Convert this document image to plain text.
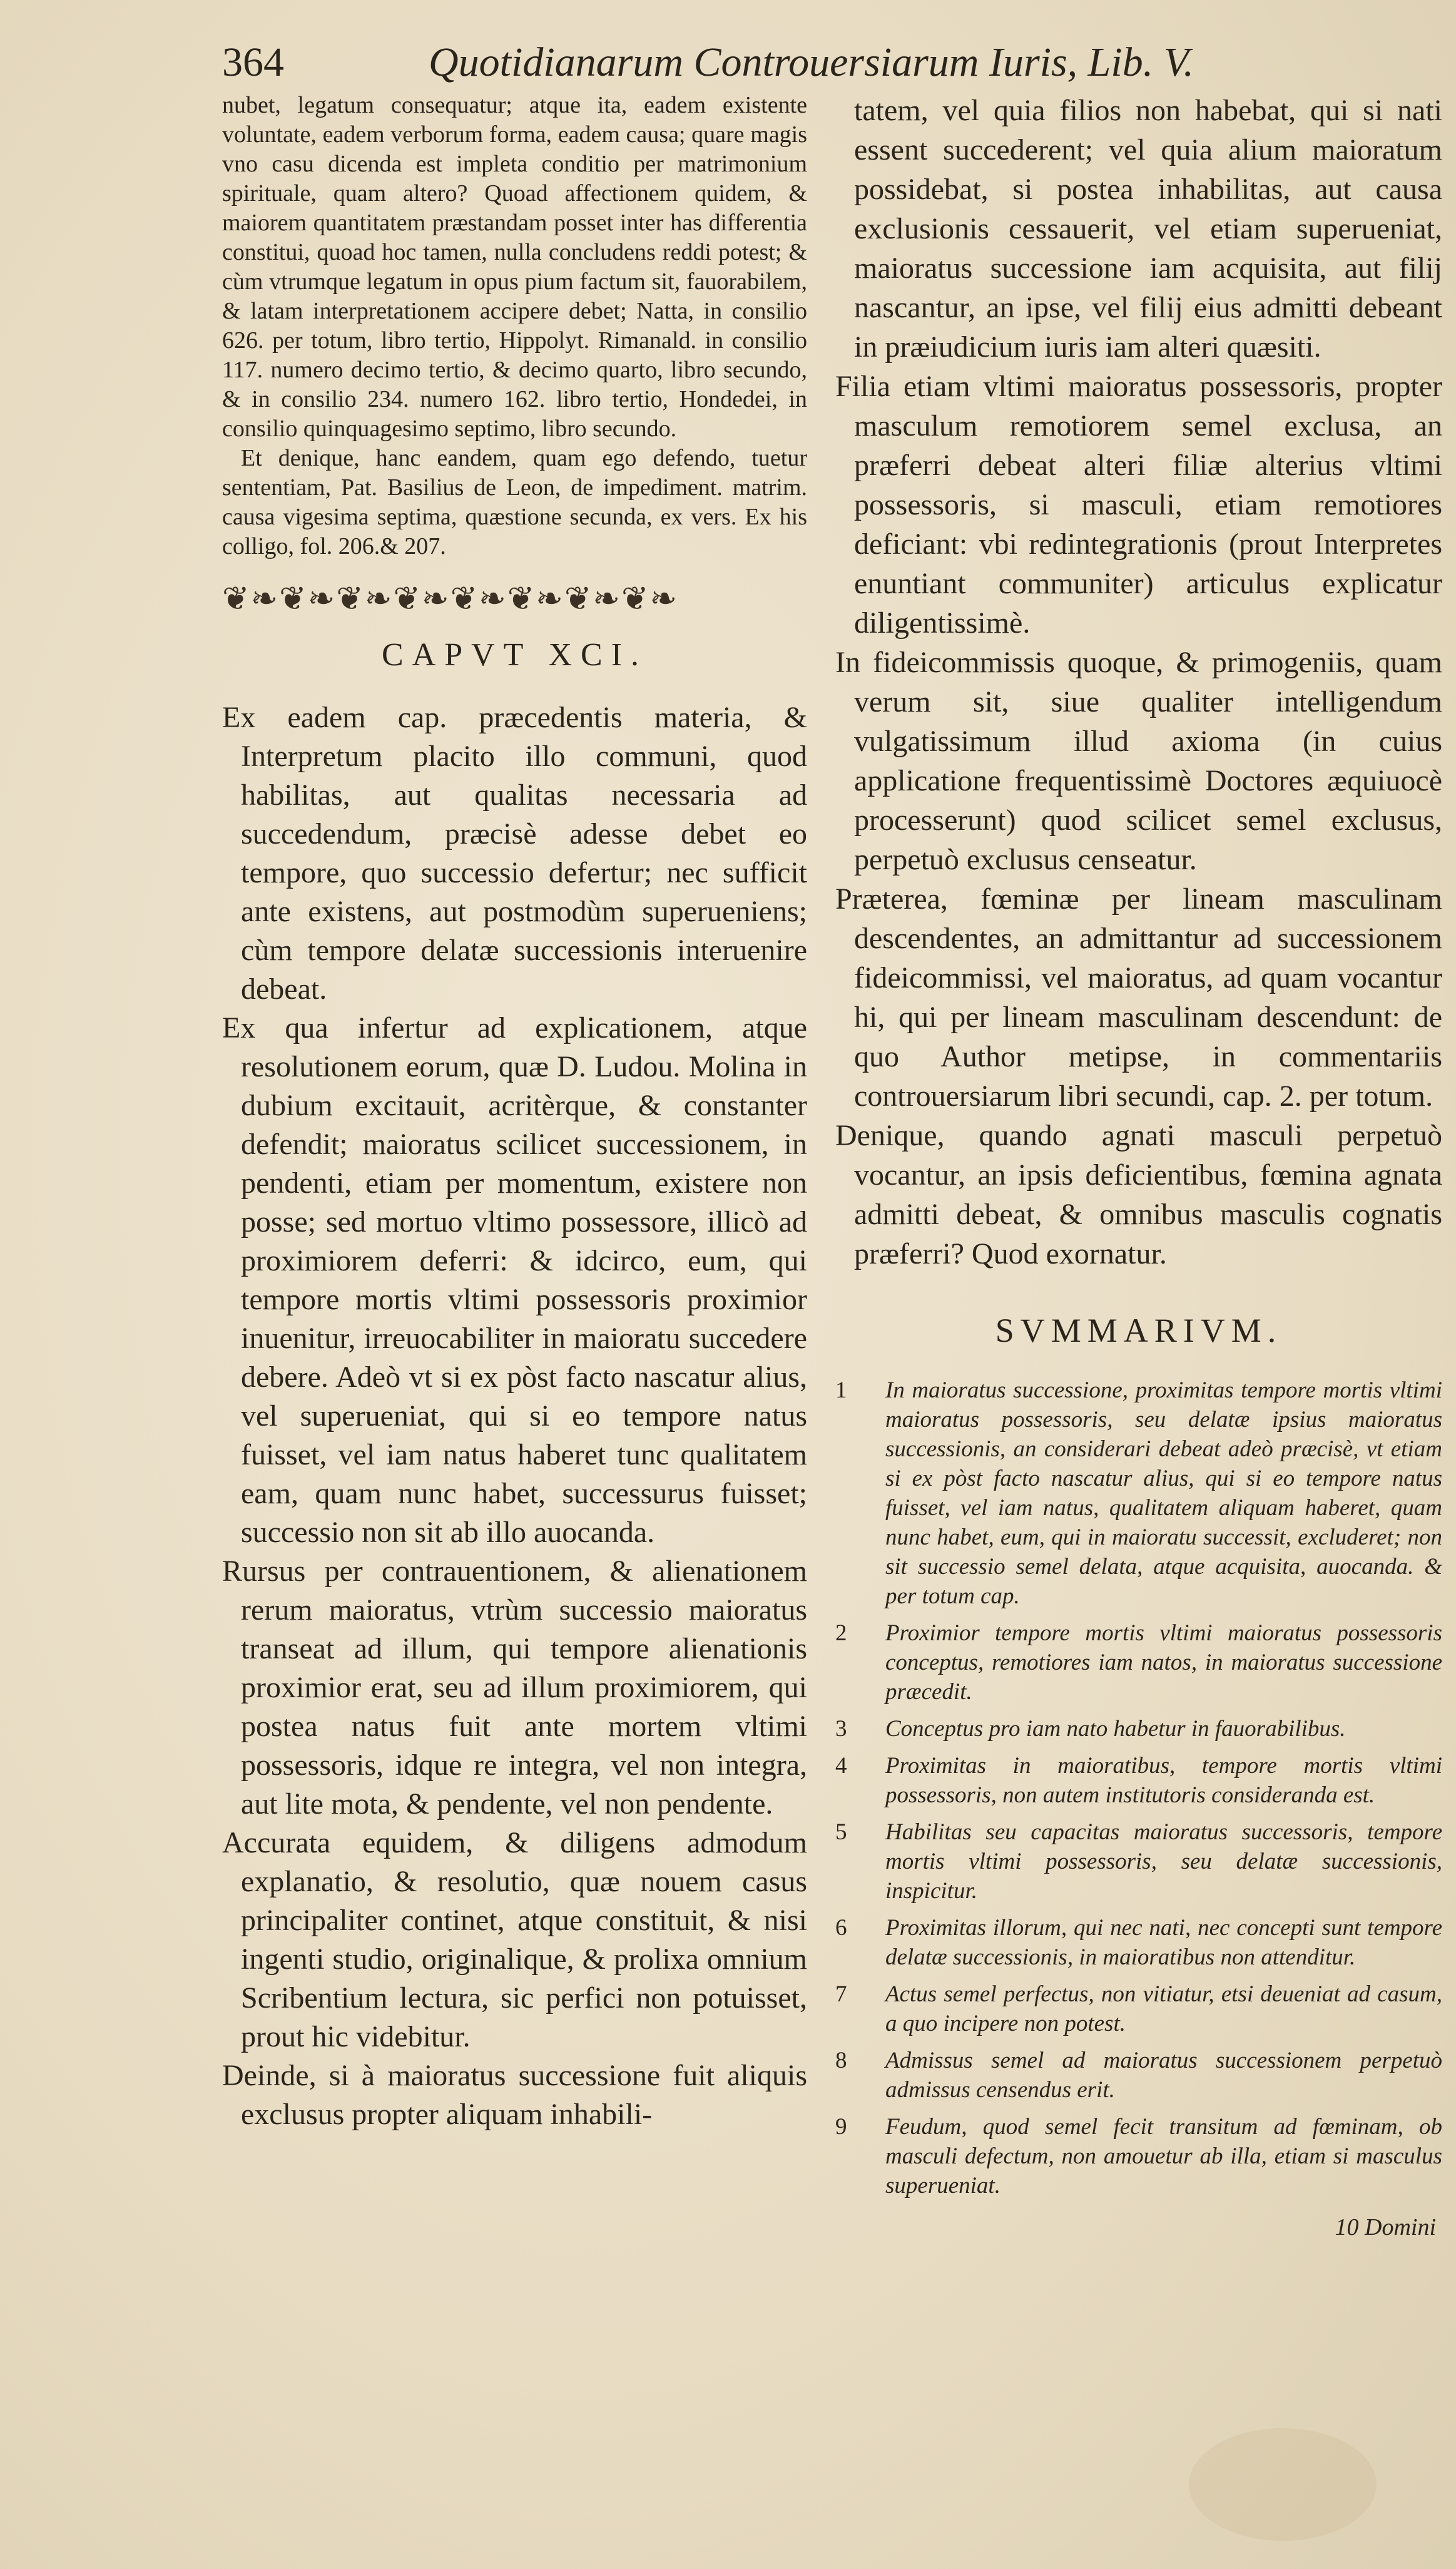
364	Quotidianarum Controuersiarum Iuris, Lib. V.

nubet, legatum consequatur; atque ita, eadem existente voluntate, eadem verborum forma, eadem causa; quare magis vno casu dicenda est impleta conditio per matrimonium spirituale, quam altero? Quoad affectionem quidem, & maiorem quantitatem præstandam posset inter has differentia constitui, quoad hoc tamen, nulla concludens reddi potest; & cùm vtrumque legatum in opus pium factum sit, fauorabilem, & latam interpretationem accipere debet; Natta, in consilio 626. per totum, libro tertio, Hippolyt. Rimanald. in consilio 117. numero decimo tertio, & decimo quarto, libro secundo, & in consilio 234. numero 162. libro tertio, Hondedei, in consilio quinquagesimo septimo, libro secundo.

Et denique, hanc eandem, quam ego defendo, tuetur sententiam, Pat. Basilius de Leon, de impediment. matrim. causa vigesima septima, quæstione secunda, ex vers. Ex his colligo, fol. 206.& 207.

❦❧❦❧❦❧❦❧❦❧❦❧❦❧❦❧
CAPVT XCI.

Ex eadem cap. præcedentis materia, & Interpretum placito illo communi, quod habilitas, aut qualitas necessaria ad succedendum, præcisè adesse debet eo tempore, quo successio defertur; nec sufficit ante existens, aut postmodùm superueniens; cùm tempore delatæ successionis interuenire debeat.

Ex qua infertur ad explicationem, atque resolutionem eorum, quæ D. Ludou. Molina in dubium excitauit, acritèrque, & constanter defendit; maioratus scilicet successionem, in pendenti, etiam per momentum, existere non posse; sed mortuo vltimo possessore, illicò ad proximiorem deferri: & idcirco, eum, qui tempore mortis vltimi possessoris proximior inuenitur, irreuocabiliter in maioratu succedere debere. Adeò vt si ex pòst facto nascatur alius, vel superueniat, qui si eo tempore natus fuisset, vel iam natus haberet tunc qualitatem eam, quam nunc habet, successurus fuisset; successio non sit ab illo auocanda.

Rursus per contrauentionem, & alienationem rerum maioratus, vtrùm successio maioratus transeat ad illum, qui tempore alienationis proximior erat, seu ad illum proximiorem, qui postea natus fuit ante mortem vltimi possessoris, idque re integra, vel non integra, aut lite mota, & pendente, vel non pendente.

Accurata equidem, & diligens admodum explanatio, & resolutio, quæ nouem casus principaliter continet, atque constituit, & nisi ingenti studio, originalique, & prolixa omnium Scribentium lectura, sic perfici non potuisset, prout hic videbitur.

Deinde, si à maioratus successione fuit aliquis exclusus propter aliquam inhabili-

tatem, vel quia filios non habebat, qui si nati essent succederent; vel quia alium maioratum possidebat, si postea inhabilitas, aut causa exclusionis cessauerit, vel etiam superueniat, maioratus successione iam acquisita, aut filij nascantur, an ipse, vel filij eius admitti debeant in præiudicium iuris iam alteri quæsiti.

Filia etiam vltimi maioratus possessoris, propter masculum remotiorem semel exclusa, an præferri debeat alteri filiæ alterius vltimi possessoris, si masculi, etiam remotiores deficiant: vbi redintegrationis (prout Interpretes enuntiant communiter) articulus explicatur diligentissimè.

In fideicommissis quoque, & primogeniis, quam verum sit, siue qualiter intelligendum vulgatissimum illud axioma (in cuius applicatione frequentissimè Doctores æquiuocè processerunt) quod scilicet semel exclusus, perpetuò exclusus censeatur.

Præterea, fœminæ per lineam masculinam descendentes, an admittantur ad successionem fideicommissi, vel maioratus, ad quam vocantur hi, qui per lineam masculinam descendunt: de quo Author metipse, in commentariis controuersiarum libri secundi, cap. 2. per totum.

Denique, quando agnati masculi perpetuò vocantur, an ipsis deficientibus, fœmina agnata admitti debeat, & omnibus masculis cognatis præferri? Quod exornatur.

SVMMARIVM.
1	In maioratus successione, proximitas tempore mortis vltimi maioratus possessoris, seu delatæ ipsius maioratus successionis, an considerari debeat adeò præcisè, vt etiam si ex pòst facto nascatur alius, qui si eo tempore natus fuisset, vel iam natus, qualitatem aliquam haberet, quam nunc habet, eum, qui in maioratu successit, excluderet; non sit successio semel delata, atque acquisita, auocanda. & per totum cap.
2	Proximior tempore mortis vltimi maioratus possessoris conceptus, remotiores iam natos, in maioratus successione præcedit.
3	Conceptus pro iam nato habetur in fauorabilibus.
4	Proximitas in maioratibus, tempore mortis vltimi possessoris, non autem institutoris consideranda est.
5	Habilitas seu capacitas maioratus successoris, tempore mortis vltimi possessoris, seu delatæ successionis, inspicitur.
6	Proximitas illorum, qui nec nati, nec concepti sunt tempore delatæ successionis, in maioratibus non attenditur.
7	Actus semel perfectus, non vitiatur, etsi deueniat ad casum, a quo incipere non potest.
8	Admissus semel ad maioratus successionem perpetuò admissus censendus erit.
9	Feudum, quod semel fecit transitum ad fœminam, ob masculi defectum, non amouetur ab illa, etiam si masculus superueniat.
10 Domini
